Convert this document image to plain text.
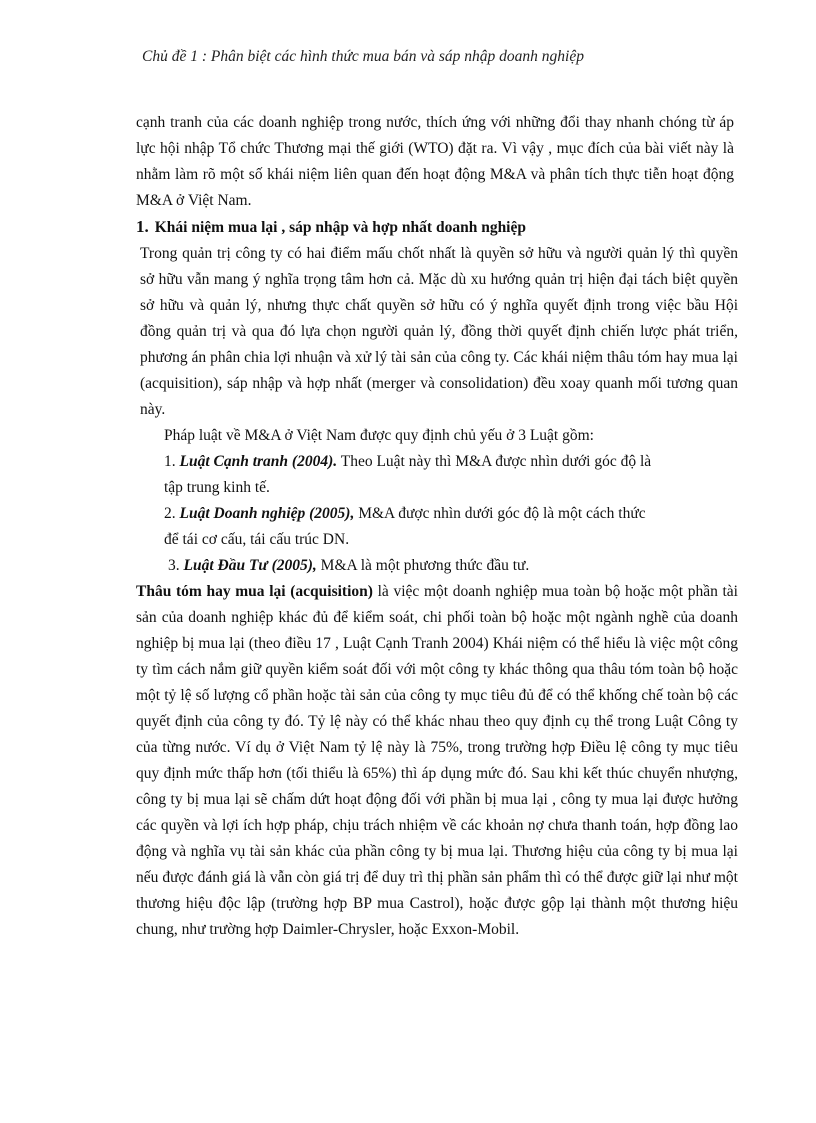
Chủ đề 1 : Phân biệt các hình thức mua bán và sáp nhập doanh nghiệp

cạnh tranh của các doanh nghiệp trong nước, thích ứng với những đổi thay nhanh chóng từ áp lực hội nhập Tổ chức Thương mại thế giới (WTO) đặt ra. Vì vậy , mục đích của bài viết này là nhằm làm rõ một số khái niệm liên quan đến hoạt động M&A và phân tích thực tiễn hoạt động M&A ở Việt Nam.

1. Khái niệm mua lại , sáp nhập và hợp nhất doanh nghiệp

Trong quản trị công ty có hai điểm mấu chốt nhất là quyền sở hữu và người quản lý thì quyền sở hữu vẫn mang ý nghĩa trọng tâm hơn cả. Mặc dù xu hướng quản trị hiện đại tách biệt quyền sở hữu và quản lý, nhưng thực chất quyền sở hữu có ý nghĩa quyết định trong việc bầu Hội đồng quản trị và qua đó lựa chọn người quản lý, đồng thời quyết định chiến lược phát triển, phương án phân chia lợi nhuận và xử lý tài sản của công ty. Các khái niệm thâu tóm hay mua lại (acquisition), sáp nhập và hợp nhất (merger và consolidation) đều xoay quanh mối tương quan này.

Pháp luật về M&A ở Việt Nam được quy định chủ yếu ở 3 Luật gồm:

1. Luật Cạnh tranh (2004). Theo Luật này thì M&A được nhìn dưới góc độ là
tập trung kinh tế.
2. Luật Doanh nghiệp (2005), M&A được nhìn dưới góc độ là một cách thức
để tái cơ cấu, tái cấu trúc DN.
3. Luật Đầu Tư (2005), M&A là một phương thức đầu tư.

Thâu tóm hay mua lại (acquisition) là việc một doanh nghiệp mua toàn bộ hoặc một phần tài sản của doanh nghiệp khác đủ để kiểm soát, chi phối toàn bộ hoặc một ngành nghề của doanh nghiệp bị mua lại (theo điều 17 , Luật Cạnh Tranh 2004) Khái niệm có thể hiểu là việc một công ty tìm cách nắm giữ quyền kiểm soát đối với một công ty khác thông qua thâu tóm toàn bộ hoặc một tỷ lệ số lượng cổ phần hoặc tài sản của công ty mục tiêu đủ để có thể khống chế toàn bộ các quyết định của công ty đó. Tỷ lệ này có thể khác nhau theo quy định cụ thể trong Luật Công ty của từng nước. Ví dụ ở Việt Nam tỷ lệ này là 75%, trong trường hợp Điều lệ công ty mục tiêu quy định mức thấp hơn (tối thiểu là 65%) thì áp dụng mức đó. Sau khi kết thúc chuyển nhượng, công ty bị mua lại sẽ chấm dứt hoạt động đối với phần bị mua lại , công ty mua lại được hưởng các quyền và lợi ích hợp pháp, chịu trách nhiệm về các khoản nợ chưa thanh toán, hợp đồng lao động và nghĩa vụ tài sản khác của phần công ty bị mua lại. Thương hiệu của công ty bị mua lại nếu được đánh giá là vẫn còn giá trị để duy trì thị phần sản phẩm thì có thể được giữ lại như một thương hiệu độc lập (trường hợp BP mua Castrol), hoặc được gộp lại thành một thương hiệu chung, như trường hợp Daimler-Chrysler, hoặc Exxon-Mobil.
